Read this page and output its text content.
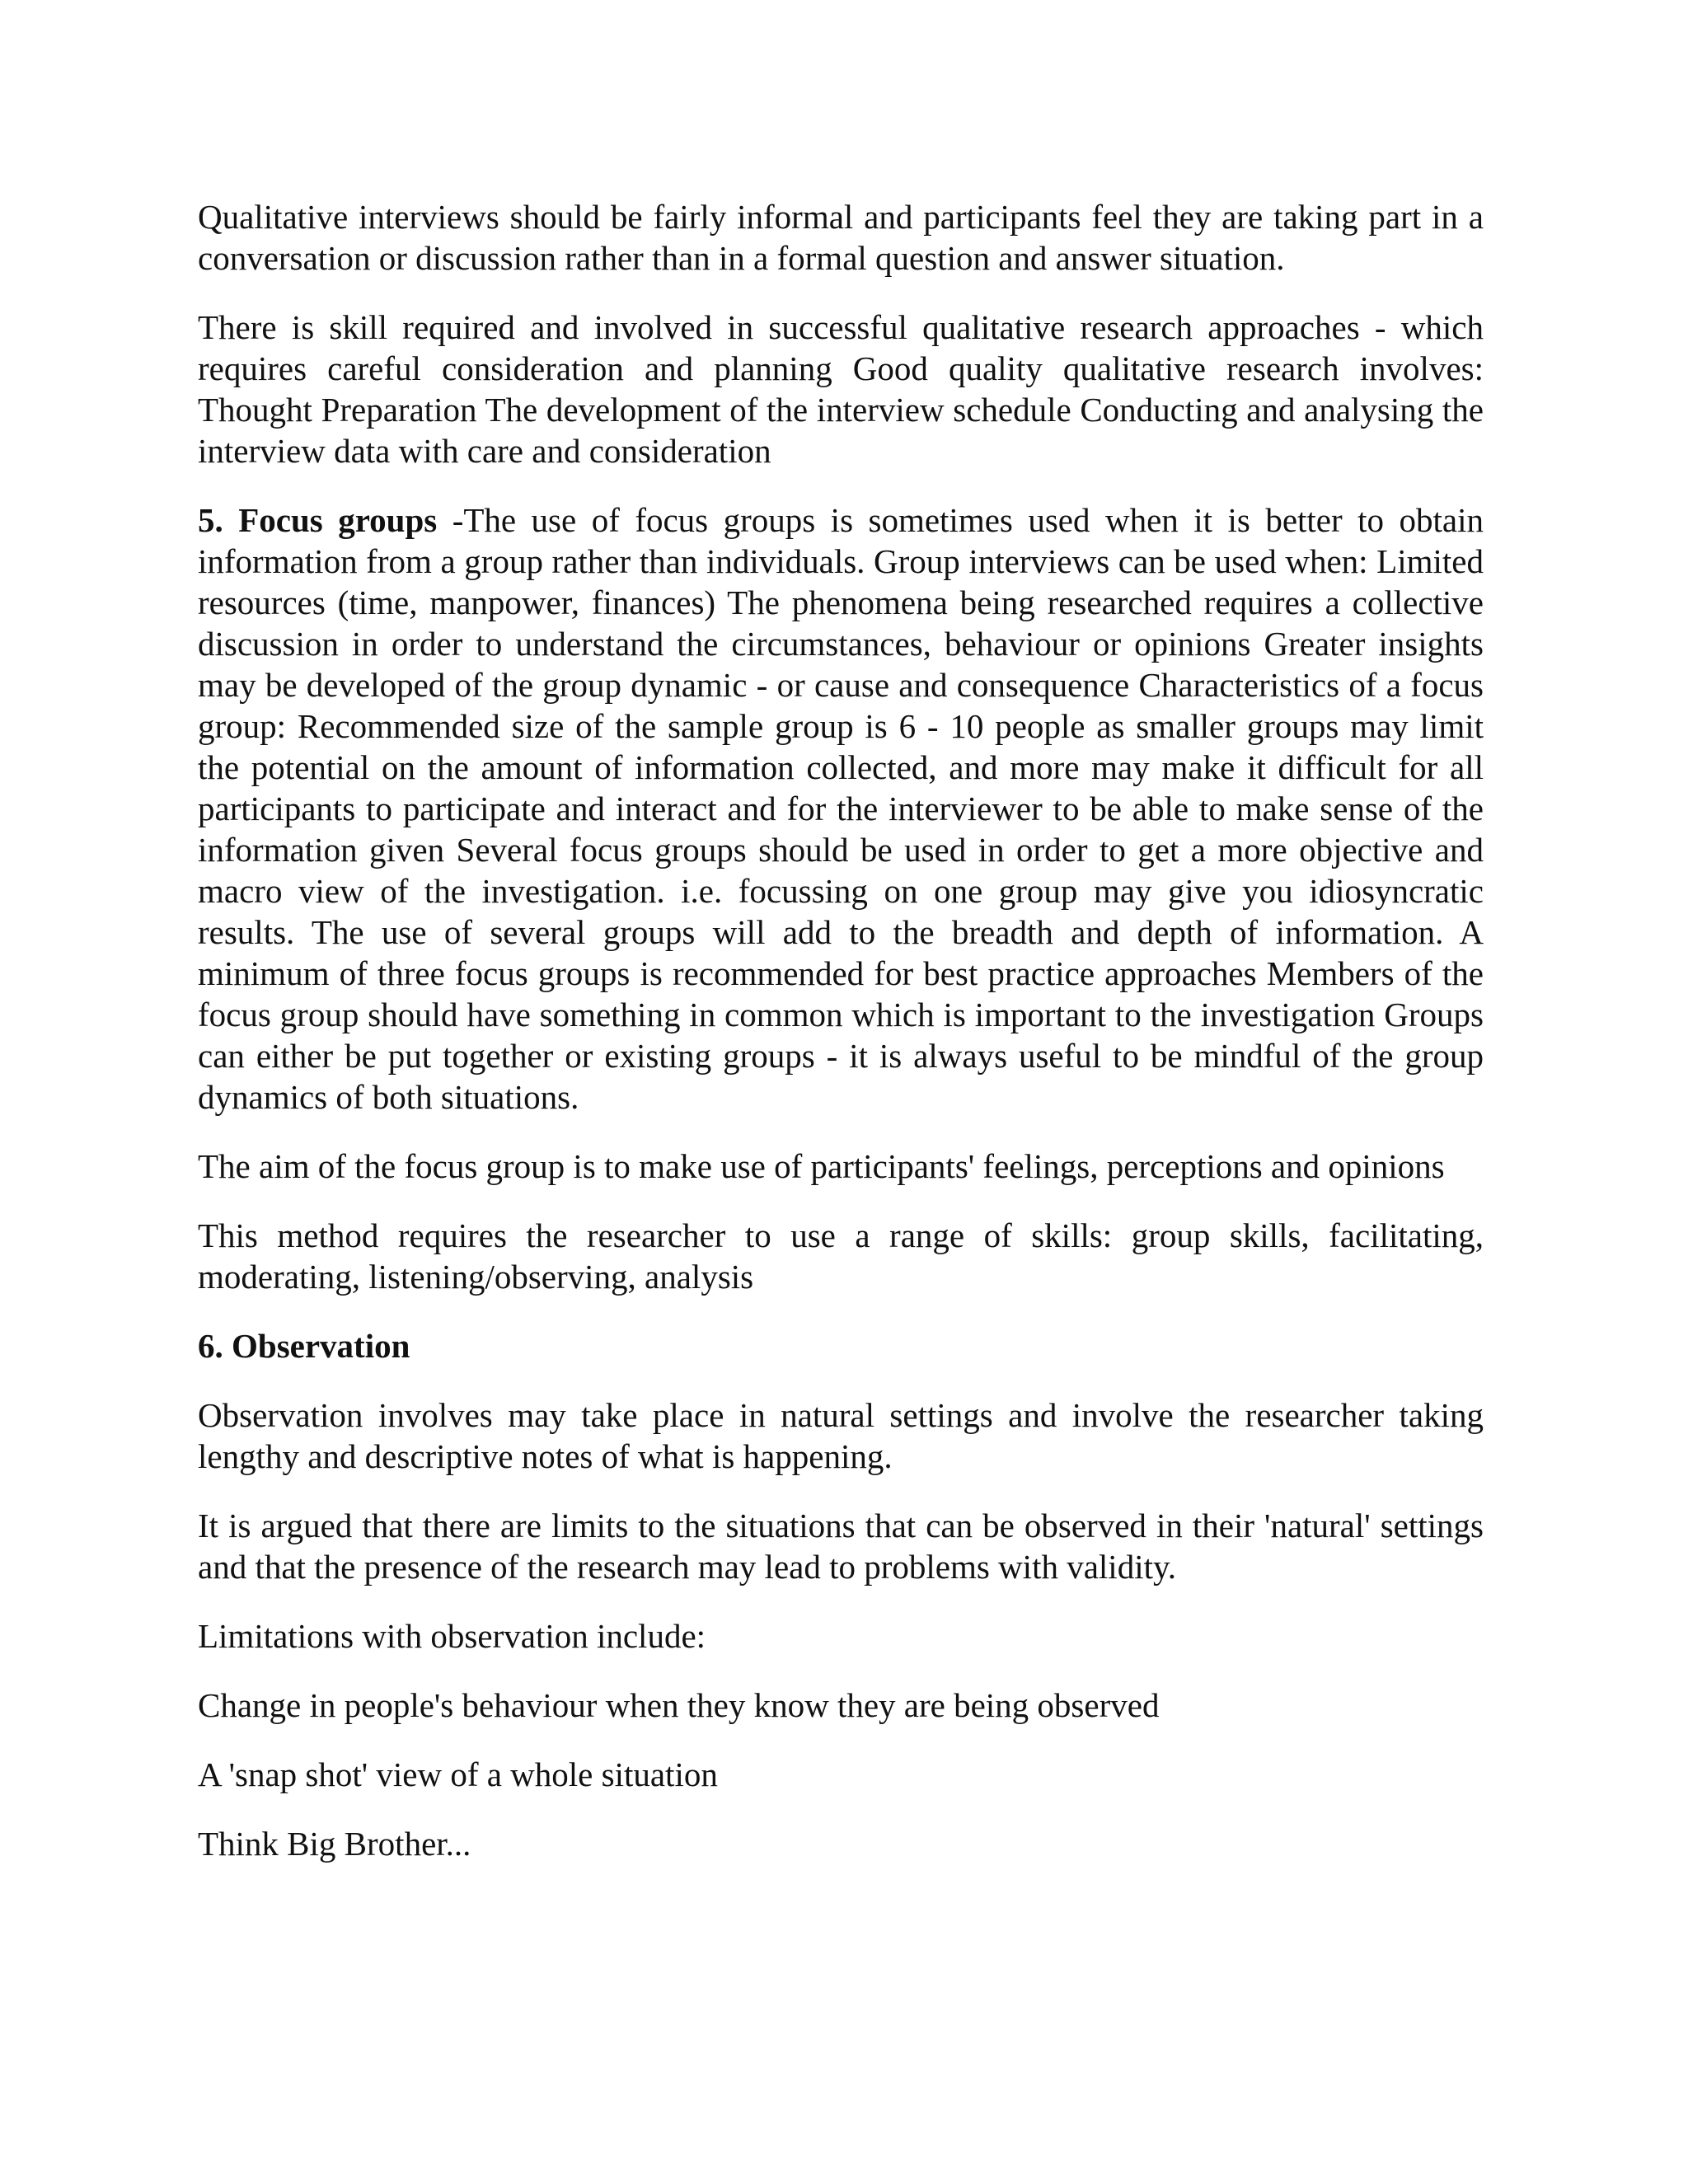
Qualitative interviews should be fairly informal and participants feel they are taking part in a conversation or discussion rather than in a formal question and answer situation.

There is skill required and involved in successful qualitative research approaches - which requires careful consideration and planning Good quality qualitative research involves: Thought Preparation The development of the interview schedule Conducting and analysing the interview data with care and consideration

5. Focus groups -The use of focus groups is sometimes used when it is better to obtain information from a group rather than individuals. Group interviews can be used when: Limited resources (time, manpower, finances) The phenomena being researched requires a collective discussion in order to understand the circumstances, behaviour or opinions Greater insights may be developed of the group dynamic - or cause and consequence Characteristics of a focus group: Recommended size of the sample group is 6 - 10 people as smaller groups may limit the potential on the amount of information collected, and more may make it difficult for all participants to participate and interact and for the interviewer to be able to make sense of the information given Several focus groups should be used in order to get a more objective and macro view of the investigation. i.e. focussing on one group may give you idiosyncratic results. The use of several groups will add to the breadth and depth of information. A minimum of three focus groups is recommended for best practice approaches Members of the focus group should have something in common which is important to the investigation Groups can either be put together or existing groups - it is always useful to be mindful of the group dynamics of both situations.

The aim of the focus group is to make use of participants' feelings, perceptions and opinions

This method requires the researcher to use a range of skills: group skills, facilitating, moderating, listening/observing, analysis

6. Observation

Observation involves may take place in natural settings and involve the researcher taking lengthy and descriptive notes of what is happening.

It is argued that there are limits to the situations that can be observed in their 'natural' settings and that the presence of the research may lead to problems with validity.

Limitations with observation include:

Change in people's behaviour when they know they are being observed

A 'snap shot' view of a whole situation

Think Big Brother...
